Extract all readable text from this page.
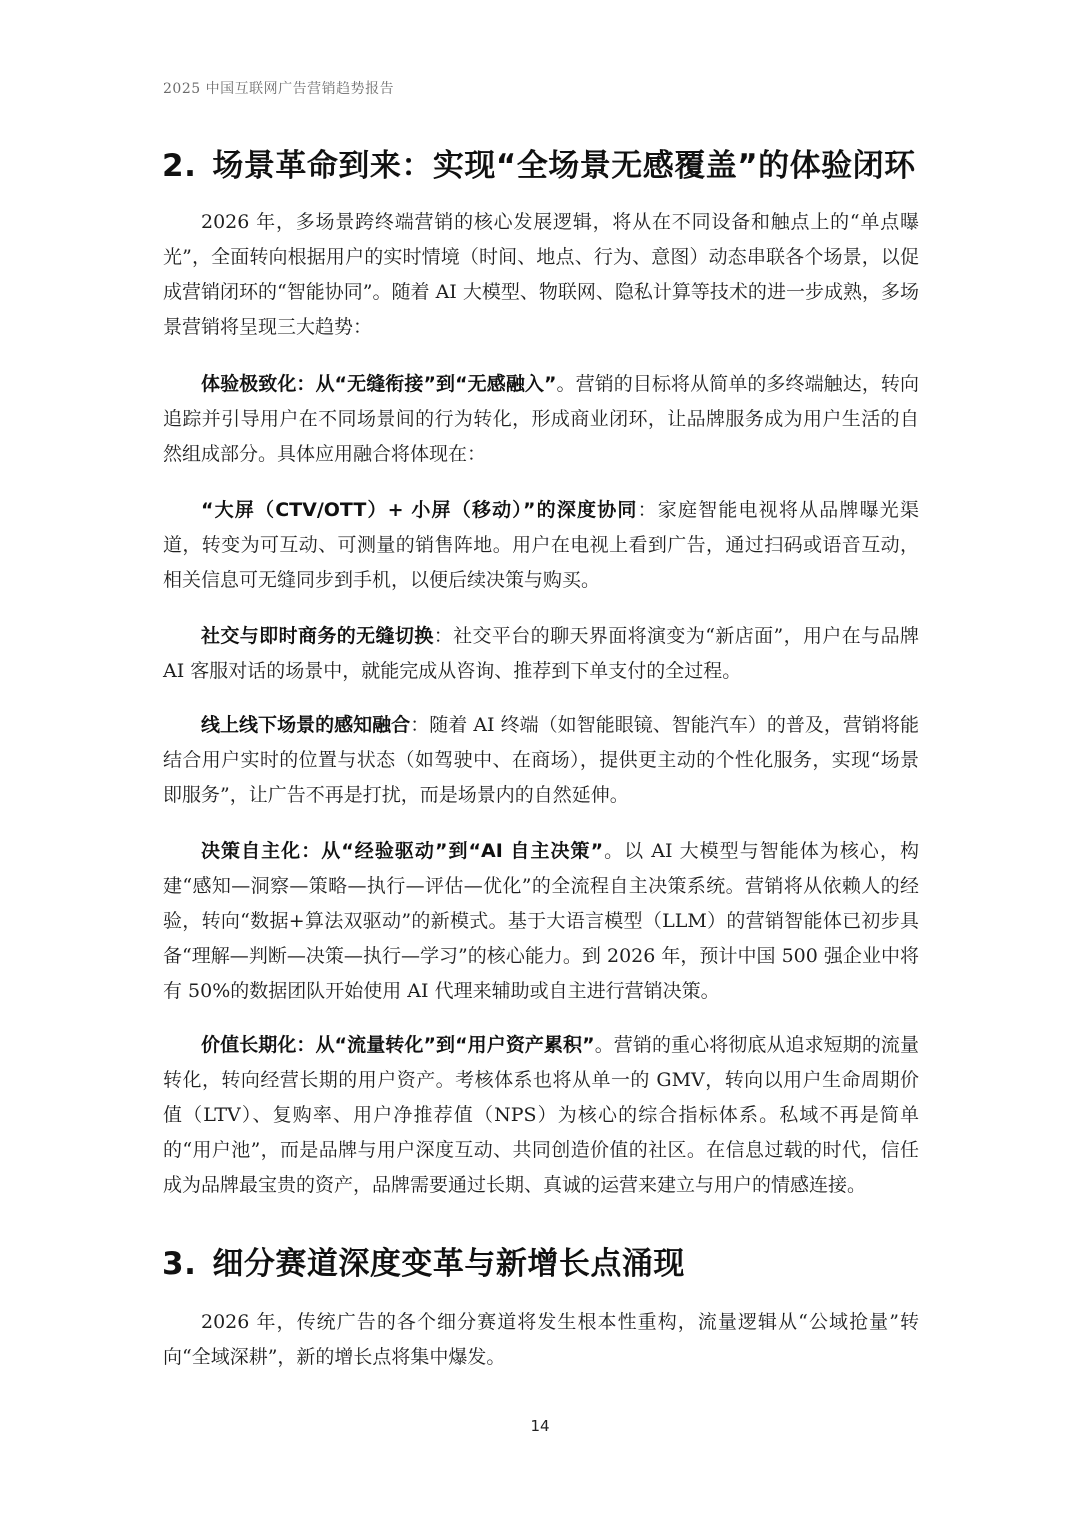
2025 中国互联网广告营销趋势报告
2. 场景革命到来：实现“全场景无感覆盖”的体验闭环

2026 年，多场景跨终端营销的核心发展逻辑，将从在不同设备和触点上的“单点曝光”，全面转向根据用户的实时情境（时间、地点、行为、意图）动态串联各个场景，以促成营销闭环的“智能协同”。随着 AI 大模型、物联网、隐私计算等技术的进一步成熟，多场景营销将呈现三大趋势：

体验极致化：从“无缝衔接”到“无感融入”。营销的目标将从简单的多终端触达，转向追踪并引导用户在不同场景间的行为转化，形成商业闭环，让品牌服务成为用户生活的自然组成部分。具体应用融合将体现在：

“大屏（CTV/OTT）+ 小屏（移动）”的深度协同：家庭智能电视将从品牌曝光渠道，转变为可互动、可测量的销售阵地。用户在电视上看到广告，通过扫码或语音互动，相关信息可无缝同步到手机，以便后续决策与购买。

社交与即时商务的无缝切换：社交平台的聊天界面将演变为“新店面”，用户在与品牌 AI 客服对话的场景中，就能完成从咨询、推荐到下单支付的全过程。

线上线下场景的感知融合：随着 AI 终端（如智能眼镜、智能汽车）的普及，营销将能结合用户实时的位置与状态（如驾驶中、在商场），提供更主动的个性化服务，实现“场景即服务”，让广告不再是打扰，而是场景内的自然延伸。

决策自主化：从“经验驱动”到“AI 自主决策”。以 AI 大模型与智能体为核心，构建“感知—洞察—策略—执行—评估—优化”的全流程自主决策系统。营销将从依赖人的经验，转向“数据+算法双驱动”的新模式。基于大语言模型（LLM）的营销智能体已初步具备“理解—判断—决策—执行—学习”的核心能力。到 2026 年，预计中国 500 强企业中将有 50%的数据团队开始使用 AI 代理来辅助或自主进行营销决策。

价值长期化：从“流量转化”到“用户资产累积”。营销的重心将彻底从追求短期的流量转化，转向经营长期的用户资产。考核体系也将从单一的 GMV，转向以用户生命周期价值（LTV）、复购率、用户净推荐值（NPS）为核心的综合指标体系。私域不再是简单的“用户池”，而是品牌与用户深度互动、共同创造价值的社区。在信息过载的时代，信任成为品牌最宝贵的资产，品牌需要通过长期、真诚的运营来建立与用户的情感连接。

3. 细分赛道深度变革与新增长点涌现

2026 年，传统广告的各个细分赛道将发生根本性重构，流量逻辑从“公域抢量”转向“全域深耕”，新的增长点将集中爆发。

14
